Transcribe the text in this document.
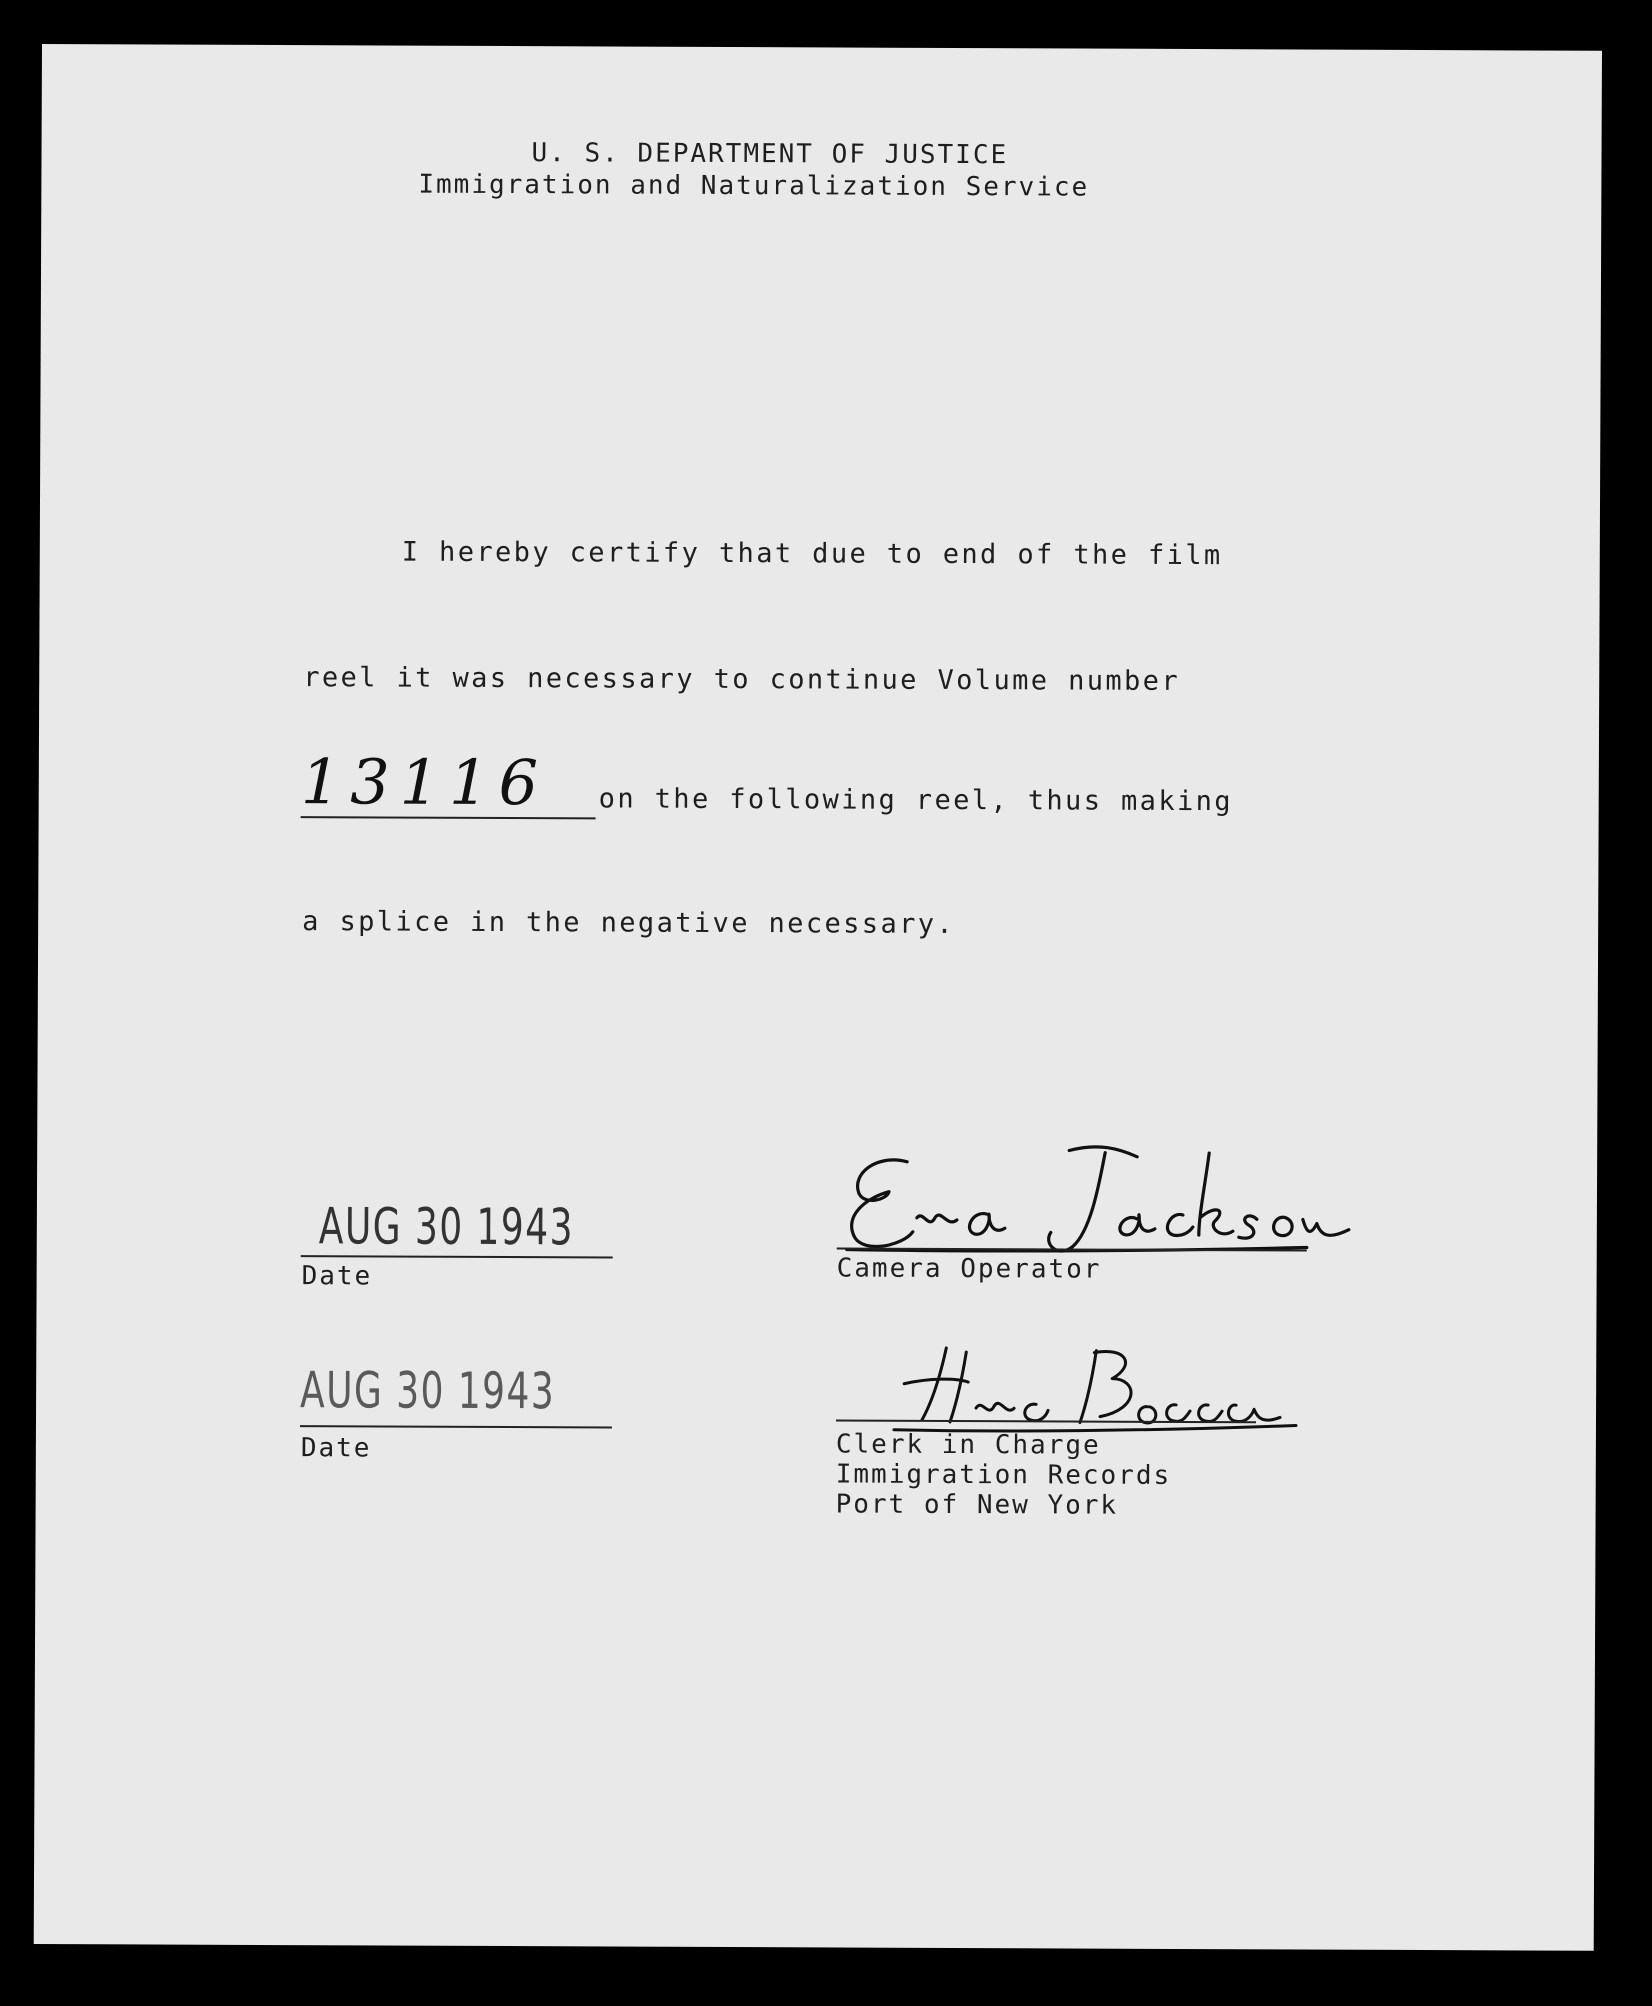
U. S. DEPARTMENT OF JUSTICE
Immigration and Naturalization Service
I hereby certify that due to end of the film
reel it was necessary to continue Volume number
13116 on the following reel, thus making
a splice in the negative necessary.
AUG 30 1943
Date	Camera Operator
AUG 30 1943
Date	Clerk in Charge
Immigration Records
Port of New York
